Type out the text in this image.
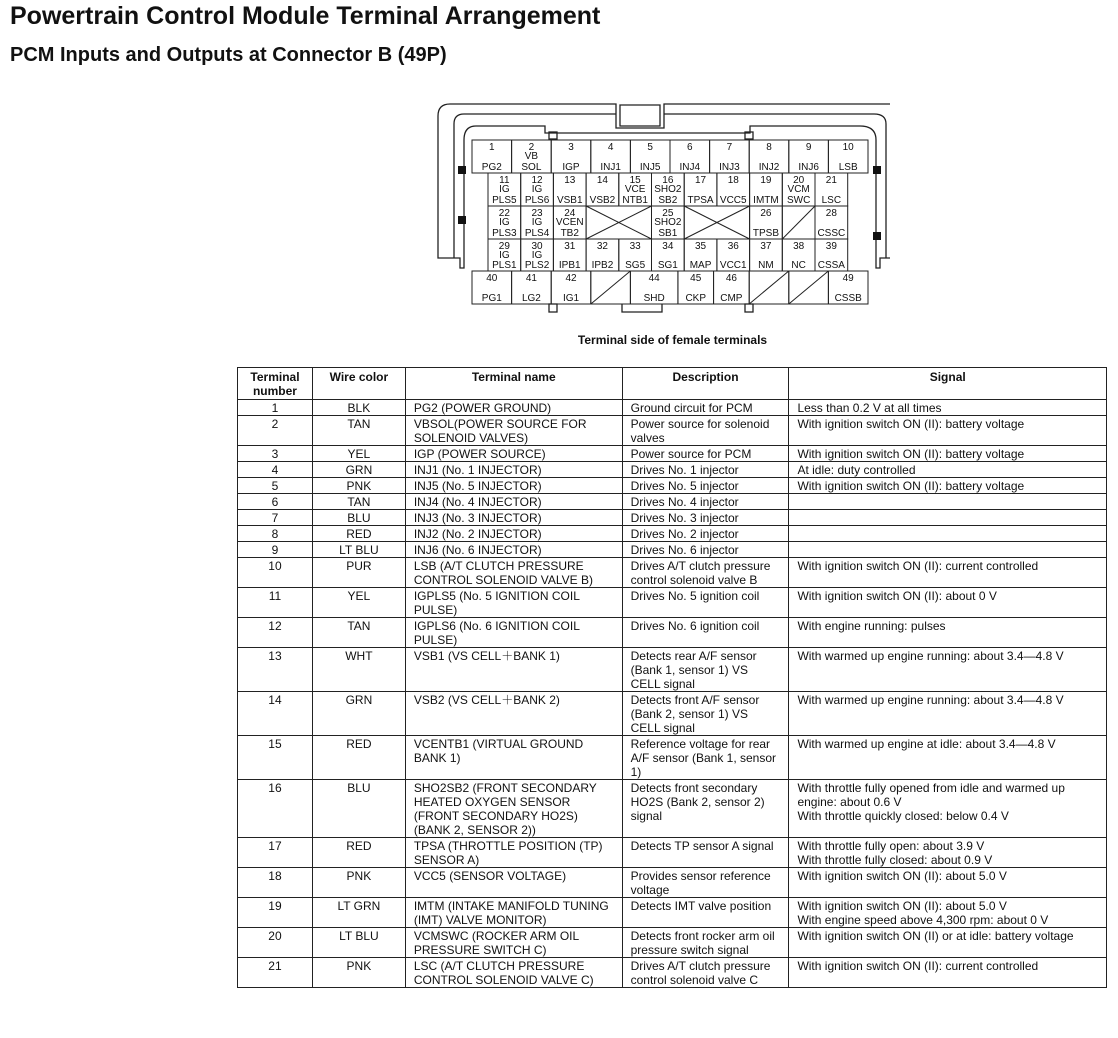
Powertrain Control Module Terminal Arrangement
PCM Inputs and Outputs at Connector B (49P)
1
PG2
2
VB
SOL
3
IGP
4
INJ1
5
INJ5
6
INJ4
7
INJ3
8
INJ2
9
INJ6
10
LSB
11
IG
PLS5
12
IG
PLS6
13
VSB1
14
VSB2
15
VCE
NTB1
16
SHO2
SB2
17
TPSA
18
VCC5
19
IMTM
20
VCM
SWC
21
LSC
22
IG
PLS3
23
IG
PLS4
24
VCEN
TB2
25
SHO2
SB1
26
TPSB
28
CSSC
29
IG
PLS1
30
IG
PLS2
31
IPB1
32
IPB2
33
SG5
34
SG1
35
MAP
36
VCC1
37
NM
38
NC
39
CSSA
40
PG1
41
LG2
42
IG1
44
SHD
45
CKP
46
CMP
49
CSSB
Terminal side of female terminals
Terminal number	Wire color	Terminal name	Description	Signal
1	BLK	PG2 (POWER GROUND)	Ground circuit for PCM	Less than 0.2 V at all times
2	TAN	VBSOL(POWER SOURCE FOR SOLENOID VALVES)	Power source for solenoid valves	With ignition switch ON (II): battery voltage
3	YEL	IGP (POWER SOURCE)	Power source for PCM	With ignition switch ON (II): battery voltage
4	GRN	INJ1 (No. 1 INJECTOR)	Drives No. 1 injector	At idle: duty controlled
5	PNK	INJ5 (No. 5 INJECTOR)	Drives No. 5 injector	With ignition switch ON (II): battery voltage
6	TAN	INJ4 (No. 4 INJECTOR)	Drives No. 4 injector	
7	BLU	INJ3 (No. 3 INJECTOR)	Drives No. 3 injector	
8	RED	INJ2 (No. 2 INJECTOR)	Drives No. 2 injector	
9	LT BLU	INJ6 (No. 6 INJECTOR)	Drives No. 6 injector	
10	PUR	LSB (A/T CLUTCH PRESSURE CONTROL SOLENOID VALVE B)	Drives A/T clutch pressure control solenoid valve B	With ignition switch ON (II): current controlled
11	YEL	IGPLS5 (No. 5 IGNITION COIL PULSE)	Drives No. 5 ignition coil	With ignition switch ON (II): about 0 V
12	TAN	IGPLS6 (No. 6 IGNITION COIL PULSE)	Drives No. 6 ignition coil	With engine running: pulses
13	WHT	VSB1 (VS CELL＋BANK 1)	Detects rear A/F sensor (Bank 1, sensor 1) VS CELL signal	With warmed up engine running: about 3.4—4.8 V
14	GRN	VSB2 (VS CELL＋BANK 2)	Detects front A/F sensor (Bank 2, sensor 1) VS CELL signal	With warmed up engine running: about 3.4—4.8 V
15	RED	VCENTB1 (VIRTUAL GROUND BANK 1)	Reference voltage for rear A/F sensor (Bank 1, sensor 1)	With warmed up engine at idle: about 3.4—4.8 V
16	BLU	SHO2SB2 (FRONT SECONDARY HEATED OXYGEN SENSOR (FRONT SECONDARY HO2S) (BANK 2, SENSOR 2))	Detects front secondary HO2S (Bank 2, sensor 2) signal	With throttle fully opened from idle and warmed up engine: about 0.6 V
With throttle quickly closed: below 0.4 V
17	RED	TPSA (THROTTLE POSITION (TP) SENSOR A)	Detects TP sensor A signal	With throttle fully open: about 3.9 V
With throttle fully closed: about 0.9 V
18	PNK	VCC5 (SENSOR VOLTAGE)	Provides sensor reference voltage	With ignition switch ON (II): about 5.0 V
19	LT GRN	IMTM (INTAKE MANIFOLD TUNING (IMT) VALVE MONITOR)	Detects IMT valve position	With ignition switch ON (II): about 5.0 V
With engine speed above 4,300 rpm: about 0 V
20	LT BLU	VCMSWC (ROCKER ARM OIL PRESSURE SWITCH C)	Detects front rocker arm oil pressure switch signal	With ignition switch ON (II) or at idle: battery voltage
21	PNK	LSC (A/T CLUTCH PRESSURE CONTROL SOLENOID VALVE C)	Drives A/T clutch pressure control solenoid valve C	With ignition switch ON (II): current controlled
